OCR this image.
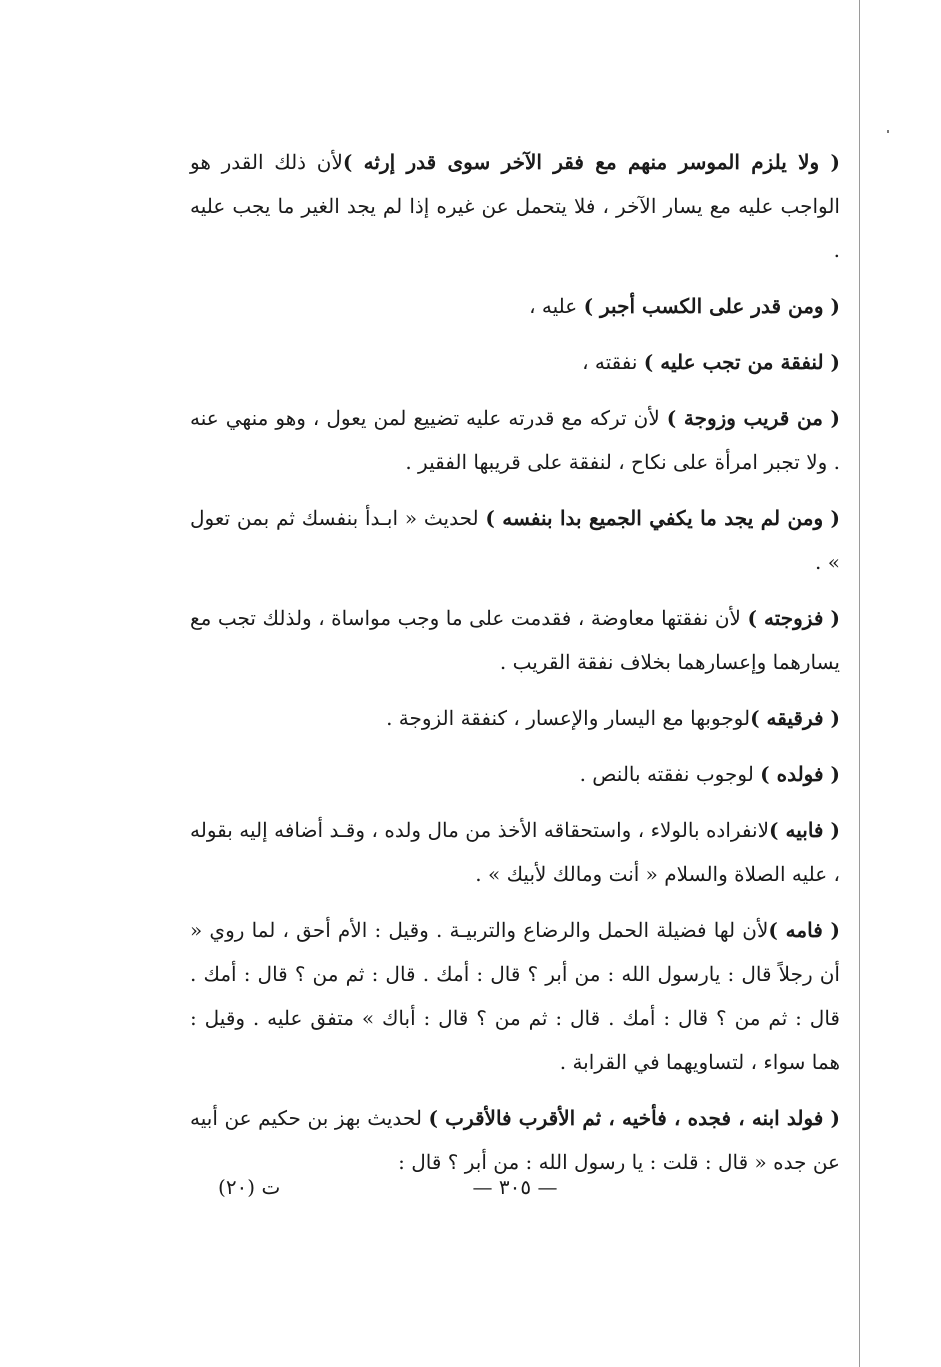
( ولا يلزم الموسر منهم مع فقر الآخر سوى قدر إرثه )لأن ذلك القدر هو الواجب عليه مع يسار الآخر ، فلا يتحمل عن غيره إذا لم يجد الغير ما يجب عليه .

( ومن قدر على الكسب أجبر ) عليه ،

( لنفقة من تجب عليه ) نفقته ،

( من قريب وزوجة ) لأن تركه مع قدرته عليه تضييع لمن يعول ، وهو منهي عنه . ولا تجبر امرأة على نكاح ، لنفقة على قريبها الفقير .

( ومن لم يجد ما يكفي الجميع بدا بنفسه ) لحديث « ابـدأ بنفسك ثم بمن تعول » .

( فزوجته ) لأن نفقتها معاوضة ، فقدمت على ما وجب مواساة ، ولذلك تجب مع يسارهما وإعسارهما بخلاف نفقة القريب .

( فرقيقه )لوجوبها مع اليسار والإعسار ، كنفقة الزوجة .

( فولده ) لوجوب نفقته بالنص .

( فابيه )لانفراده بالولاء ، واستحقاقه الأخذ من مال ولده ، وقـد أضافه إليه بقوله ، عليه الصلاة والسلام « أنت ومالك لأبيك » .

( فامه )لأن لها فضيلة الحمل والرضاع والتربيـة . وقيل : الأم أحق ، لما روي « أن رجلاً قال : يارسول الله : من أبر ؟ قال : أمك . قال : ثم من ؟ قال : أمك . قال : ثم من ؟ قال : أمك . قال : ثم من ؟ قال : أباك » متفق عليه . وقيل : هما سواء ، لتساويهما في القرابة .

( فولد ابنه ، فجده ، فأخيه ، ثم الأقرب فالأقرب ) لحديث بهز بن حكيم عن أبيه عن جده « قال : قلت : يا رسول الله : من أبر ؟ قال :

— ٣٠٥ —
ت (٢٠)
